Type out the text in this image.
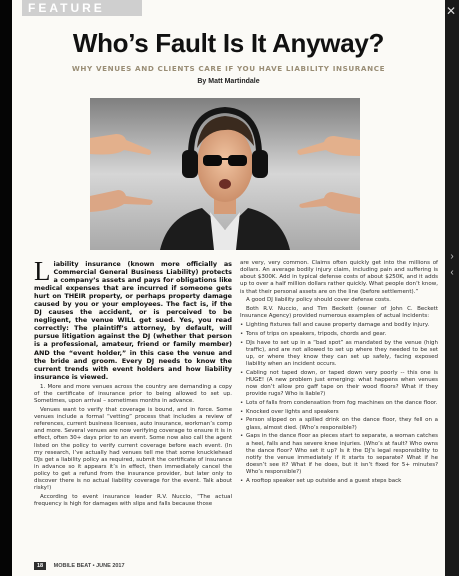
✕
›
‹
FEATURE
Who’s Fault Is It Anyway?
WHY VENUES AND CLIENTS CARE IF YOU HAVE LIABILITY INSURANCE
By Matt Martindale

Liability insurance (known more officially as Commercial General Business Liability) protects a company’s assets and pays for obligations like medical expenses that are incurred if someone gets hurt on THEIR property, or perhaps property damage caused by you or your employees. The fact is, if the DJ causes the accident, or is perceived to be negligent, the venue WILL get sued. Yes, you read correctly: The plaintiff’s attorney, by default, will pursue litigation against the DJ (whether that person is a professional, amateur, friend or family member) AND the “event holder,” in this case the venue and the bride and groom. Every DJ needs to know the current trends with event holders and how liability insurance is viewed.

1. More and more venues across the country are demanding a copy of the certificate of insurance prior to being allowed to set up. Sometimes, upon arrival – sometimes months in advance.

Venues want to verify that coverage is bound, and in force. Some venues include a formal “vetting” process that includes a review of references, current business licenses, auto insurance, workman’s comp and more. Several venues are now verifying coverage to ensure it is in effect, often 30+ days prior to an event. Some now also call the agent listed on the policy to verify current coverage before each event. (In my research, I’ve actually had venues tell me that some knucklehead DJs get a liability policy as required, submit the certificate of insurance in advance so it appears it’s in effect, then immediately cancel the policy to get a refund from the insurance provider, but later only to discover there is no actual liability coverage for the event. Talk about risky!)

According to event insurance leader R.V. Nuccio, “The actual frequency is high for damages with slips and falls because those

are very, very common. Claims often quickly get into the millions of dollars. An average bodily injury claim, including pain and suffering is about $300K. Add in typical defense costs of about $250K, and it adds up to over a half million dollars rather quickly. What people don’t know, is that their personal assets are on the line (before settlement).”

A good DJ liability policy should cover defense costs.

Both R.V. Nuccio, and Tim Beckett (owner of John C. Beckett Insurance Agency) provided numerous examples of actual incidents:

• Lighting fixtures fall and cause property damage and bodily injury.

• Tons of trips on speakers, tripods, chords and gear.

• DJs have to set up in a “bad spot” as mandated by the venue (high traffic), and are not allowed to set up where they needed to be set up, or where they know they can set up safely, facing exposed liability when an incident occurs.

• Cabling not taped down, or taped down very poorly -- this one is HUGE! (A new problem just emerging: what happens when venues now don’t allow pro gaff tape on their wood floors? What if they provide rugs? Who is liable?)

• Lots of falls from condensation from fog machines on the dance floor.

• Knocked over lights and speakers

• Person slipped on a spilled drink on the dance floor, they fell on a glass, almost died. (Who’s responsible?)

• Gaps in the dance floor as pieces start to separate, a woman catches a heel, falls and has severe knee injuries. (Who’s at fault? Who owns the dance floor? Who set it up? Is it the DJ’s legal responsibility to notify the venue immediately if it starts to separate? What if he doesn’t see it? What if he does, but it isn’t fixed for 5+ minutes? Who’s responsible?)

• A rooftop speaker set up outside and a guest steps back

18 MOBILE BEAT • JUNE 2017
